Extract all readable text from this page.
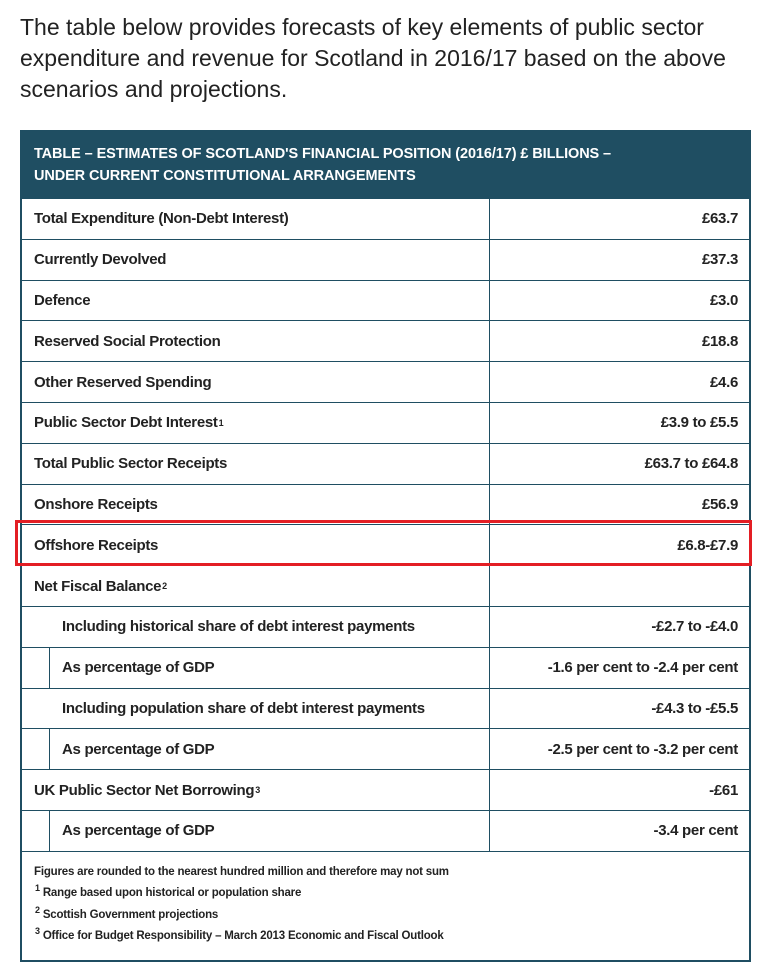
The table below provides forecasts of key elements of public sector expenditure and revenue for Scotland in 2016/17 based on the above scenarios and projections.

TABLE – ESTIMATES OF SCOTLAND'S FINANCIAL POSITION (2016/17) £ BILLIONS –
UNDER CURRENT CONSTITUTIONAL ARRANGEMENTS
Total Expenditure (Non-Debt Interest)	£63.7
Currently Devolved	£37.3
Defence	£3.0
Reserved Social Protection	£18.8
Other Reserved Spending	£4.6
Public Sector Debt Interest 1	£3.9 to £5.5
Total Public Sector Receipts	£63.7 to £64.8
Onshore Receipts	£56.9
Offshore Receipts	£6.8-£7.9
Net Fiscal Balance 2
Including historical share of debt interest payments	-£2.7 to -£4.0
As percentage of GDP	-1.6 per cent to -2.4 per cent
Including population share of debt interest payments	-£4.3 to -£5.5
As percentage of GDP	-2.5 per cent to -3.2 per cent
UK Public Sector Net Borrowing 3	-£61
As percentage of GDP	-3.4 per cent
Figures are rounded to the nearest hundred million and therefore may not sum
$^1$ Range based upon historical or population share
$^2$ Scottish Government projections
$^3$ Office for Budget Responsibility – March 2013 Economic and Fiscal Outlook
